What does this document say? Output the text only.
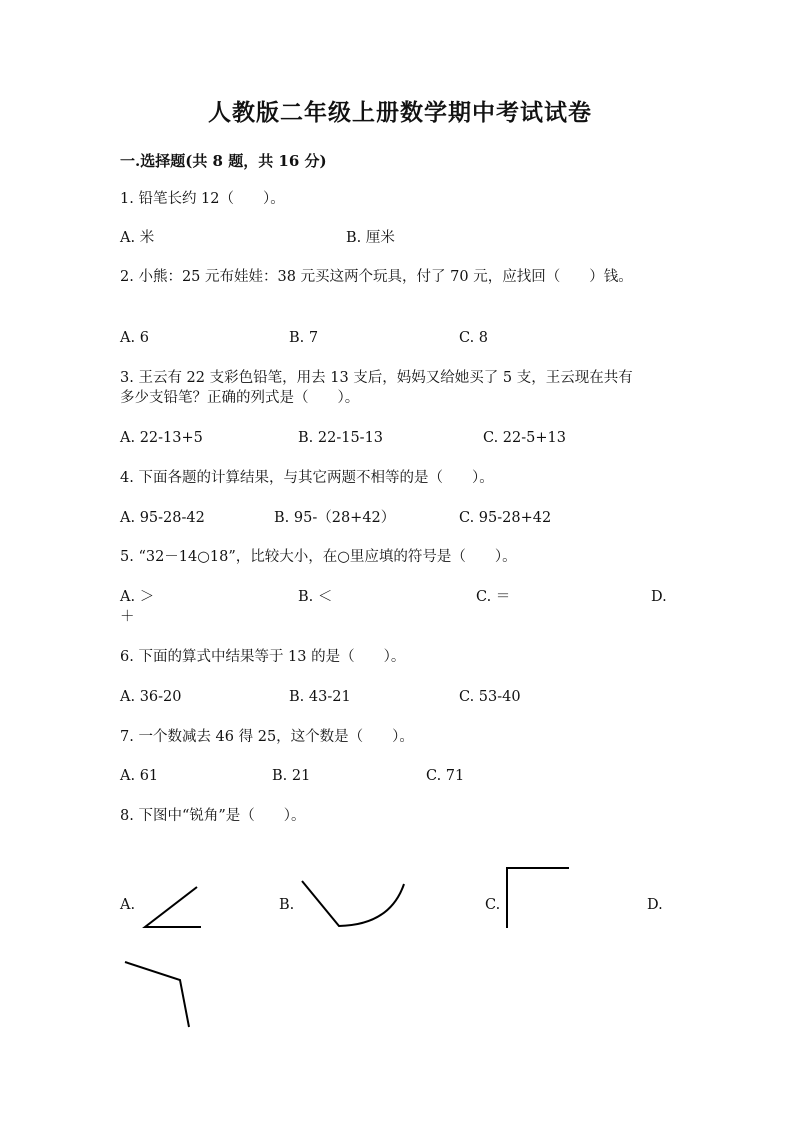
人教版二年级上册数学期中考试试卷
一.选择题(共 8 题，共 16 分)
1. 铅笔长约 12（　　）。
A. 米	B. 厘米
2. 小熊：25 元布娃娃：38 元买这两个玩具，付了 70 元，应找回（　　）钱。
A. 6	B. 7	C. 8
3. 王云有 22 支彩色铅笔，用去 13 支后，妈妈又给她买了 5 支，王云现在共有
多少支铅笔？正确的列式是（　　）。
A. 22-13+5	B. 22-15-13	C. 22-5+13
4. 下面各题的计算结果，与其它两题不相等的是（　　）。
A. 95-28-42	B. 95-（28+42）	C. 95-28+42
5. “32－14○18”，比较大小，在○里应填的符号是（　　）。
A. ＞	B. ＜	C. ＝	D.
＋
6. 下面的算式中结果等于 13 的是（　　）。
A. 36-20	B. 43-21	C. 53-40
7. 一个数减去 46 得 25，这个数是（　　）。
A. 61	B. 21	C. 71
8. 下图中“锐角”是（　　）。
A.	B.	C.	D.
